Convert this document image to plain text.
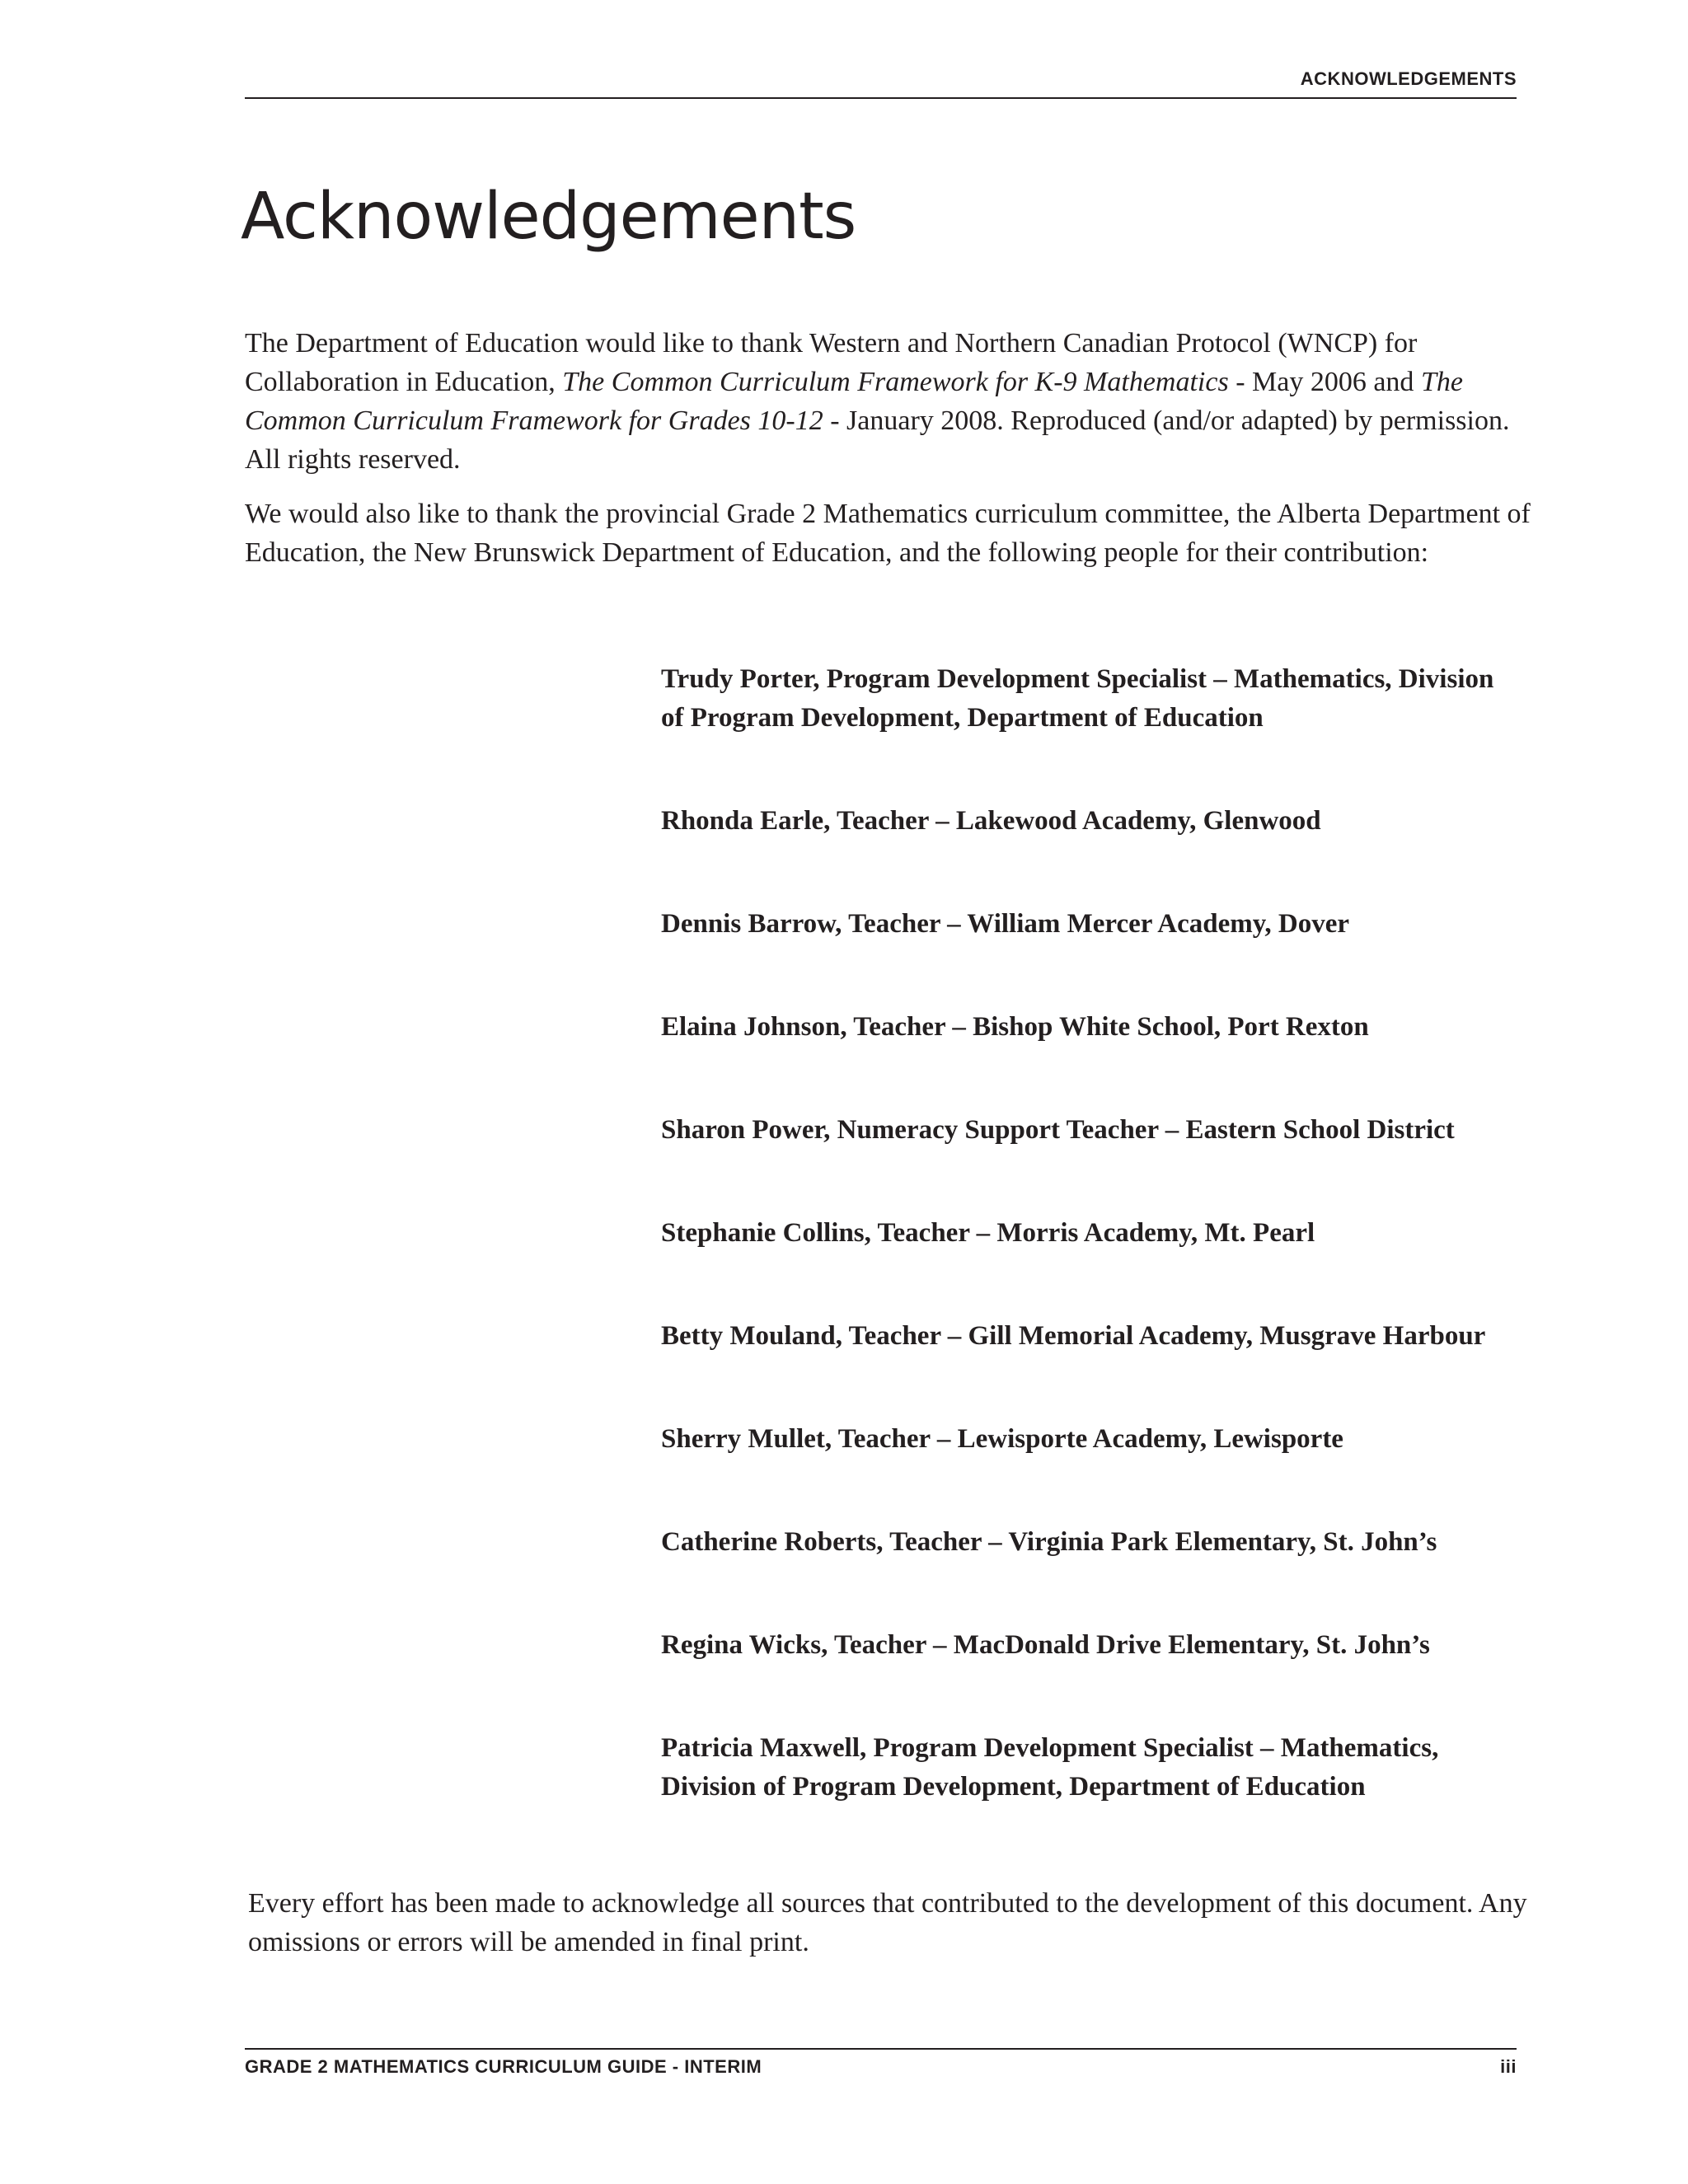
ACKNOWLEDGEMENTS
Acknowledgements

The Department of Education would like to thank Western and Northern Canadian Protocol (WNCP) for Collaboration in Education, The Common Curriculum Framework for K-9 Mathematics - May 2006 and The Common Curriculum Framework for Grades 10-12 - January 2008. Reproduced (and/or adapted) by permission. All rights reserved.

We would also like to thank the provincial Grade 2 Mathematics curriculum committee, the Alberta Department of Education, the New Brunswick Department of Education, and the following people for their contribution:

Trudy Porter, Program Development Specialist – Mathematics, Division of Program Development, Department of Education
Rhonda Earle, Teacher – Lakewood Academy, Glenwood
Dennis Barrow, Teacher – William Mercer Academy, Dover
Elaina Johnson, Teacher – Bishop White School, Port Rexton
Sharon Power, Numeracy Support Teacher – Eastern School District
Stephanie Collins, Teacher – Morris Academy, Mt. Pearl
Betty Mouland, Teacher – Gill Memorial Academy, Musgrave Harbour
Sherry Mullet, Teacher – Lewisporte Academy, Lewisporte
Catherine Roberts, Teacher – Virginia Park Elementary, St. John’s
Regina Wicks, Teacher – MacDonald Drive Elementary, St. John’s
Patricia Maxwell, Program Development Specialist – Mathematics, Division of Program Development, Department of Education

Every effort has been made to acknowledge all sources that contributed to the development of this document. Any omissions or errors will be amended in final print.

GRADE 2 MATHEMATICS CURRICULUM GUIDE - INTERIM	iii
